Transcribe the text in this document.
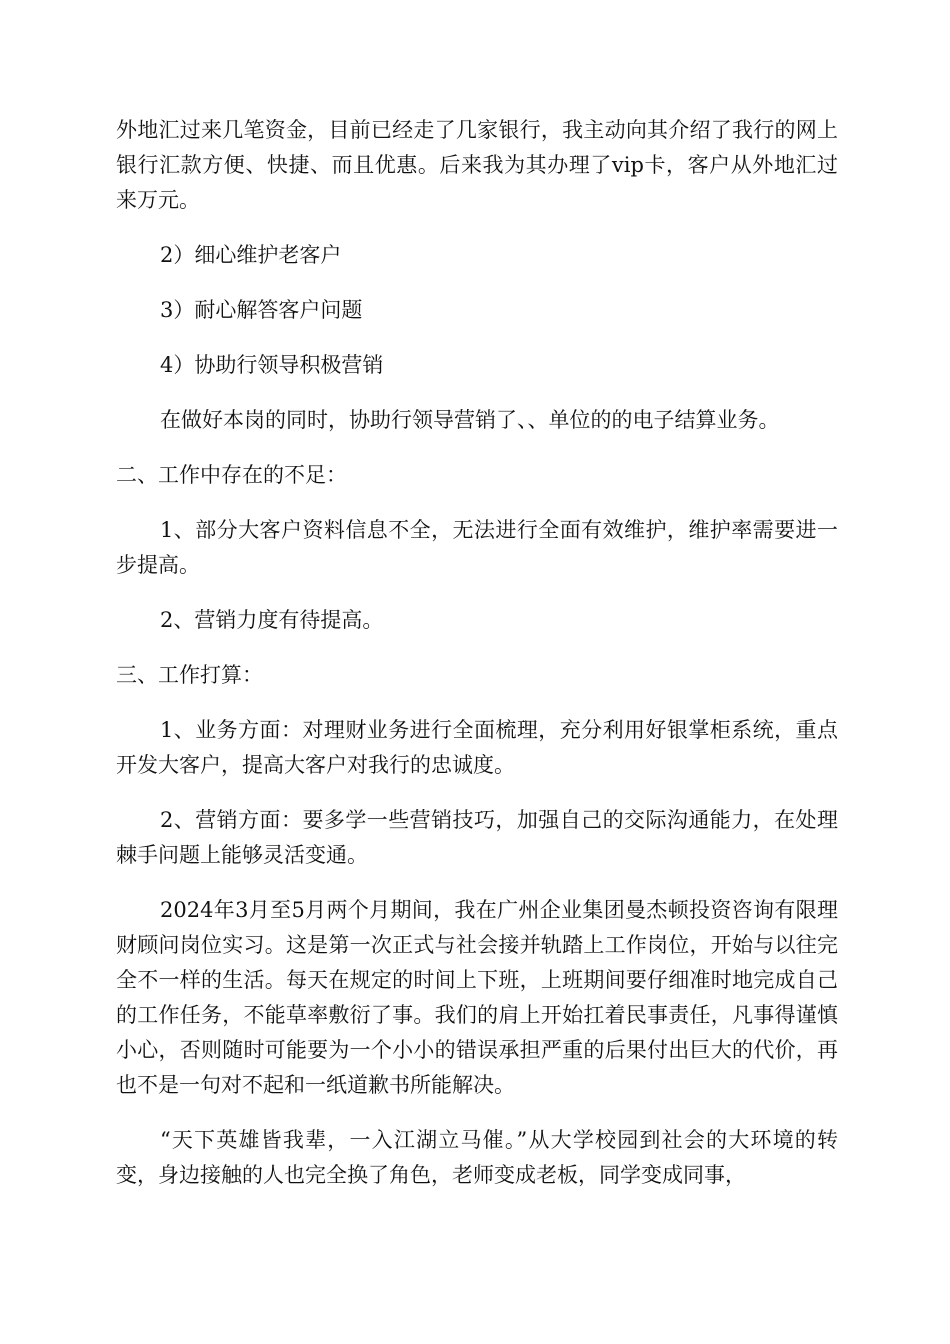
外地汇过来几笔资金，目前已经走了几家银行，我主动向其介绍了我行的网上银行汇款方便、快捷、而且优惠。后来我为其办理了vip卡，客户从外地汇过来万元。

2）细心维护老客户

3）耐心解答客户问题

4）协助行领导积极营销

在做好本岗的同时，协助行领导营销了、、单位的的电子结算业务。

二、工作中存在的不足：

1、部分大客户资料信息不全，无法进行全面有效维护，维护率需要进一步提高。

2、营销力度有待提高。

三、工作打算：

1、业务方面：对理财业务进行全面梳理，充分利用好银掌柜系统，重点开发大客户，提高大客户对我行的忠诚度。

2、营销方面：要多学一些营销技巧，加强自己的交际沟通能力，在处理棘手问题上能够灵活变通。

2024年3月至5月两个月期间，我在广州企业集团曼杰顿投资咨询有限理财顾问岗位实习。这是第一次正式与社会接并轨踏上工作岗位，开始与以往完全不一样的生活。每天在规定的时间上下班，上班期间要仔细准时地完成自己的工作任务，不能草率敷衍了事。我们的肩上开始扛着民事责任，凡事得谨慎小心，否则随时可能要为一个小小的错误承担严重的后果付出巨大的代价，再也不是一句对不起和一纸道歉书所能解决。

“天下英雄皆我辈，一入江湖立马催。”从大学校园到社会的大环境的转变，身边接触的人也完全换了角色，老师变成老板，同学变成同事，
